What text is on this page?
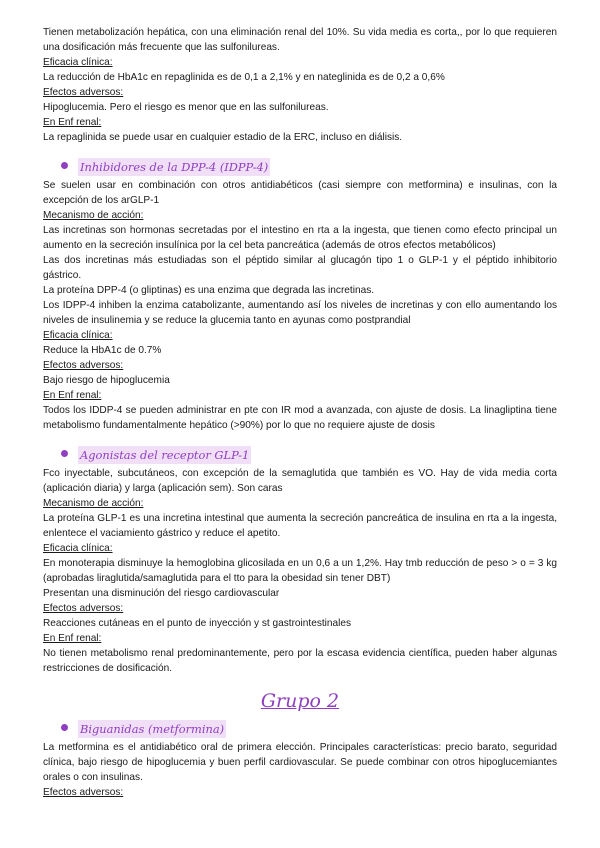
Tienen metabolización hepática, con una eliminación renal del 10%. Su vida media es corta,, por lo que requieren una dosificación más frecuente que las sulfonilureas.

Eficacia clínica:

La reducción de HbA1c en repaglinida es de 0,1 a 2,1% y en nateglinida es de 0,2 a 0,6%

Efectos adversos:

Hipoglucemia. Pero el riesgo es menor que en las sulfonilureas.

En Enf renal:

La repaglinida se puede usar en cualquier estadio de la ERC, incluso en diálisis.

Inhibidores de la DPP-4 (IDPP-4)

Se suelen usar en combinación con otros antidiabéticos (casi siempre con metformina) e insulinas, con la excepción de los arGLP-1

Mecanismo de acción:

Las incretinas son hormonas secretadas por el intestino en rta a la ingesta, que tienen como efecto principal un aumento en la secreción insulínica por la cel beta pancreática (además de otros efectos metabólicos)

Las dos incretinas más estudiadas son el péptido similar al glucagón tipo 1 o GLP-1 y el péptido inhibitorio gástrico.

La proteína DPP-4 (o gliptinas) es una enzima que degrada las incretinas.

Los IDPP-4 inhiben la enzima catabolizante, aumentando así los niveles de incretinas y con ello aumentando los niveles de insulinemia y se reduce la glucemia tanto en ayunas como postprandial

Eficacia clínica:

Reduce la HbA1c de 0.7%

Efectos adversos:

Bajo riesgo de hipoglucemia

En Enf renal:

Todos los IDDP-4 se pueden administrar en pte con IR mod a avanzada, con ajuste de dosis. La linagliptina tiene metabolismo fundamentalmente hepático (>90%) por lo que no requiere ajuste de dosis

Agonistas del receptor GLP-1

Fco inyectable, subcutáneos, con excepción de la semaglutida que también es VO. Hay de vida media corta (aplicación diaria) y larga (aplicación sem). Son caras

Mecanismo de acción:

La proteína GLP-1 es una incretina intestinal que aumenta la secreción pancreática de insulina en rta a la ingesta, enlentece el vaciamiento gástrico y reduce el apetito.

Eficacia clínica:

En monoterapia disminuye la hemoglobina glicosilada en un 0,6 a un 1,2%. Hay tmb reducción de peso > o = 3 kg (aprobadas liraglutida/samaglutida para el tto para la obesidad sin tener DBT)

Presentan una disminución del riesgo cardiovascular

Efectos adversos:

Reacciones cutáneas en el punto de inyección y st gastrointestinales

En Enf renal:

No tienen metabolismo renal predominantemente, pero por la escasa evidencia científica, pueden haber algunas restricciones de dosificación.

Grupo 2

Biguanidas (metformina)

La metformina es el antidiabético oral de primera elección. Principales características: precio barato, seguridad clínica, bajo riesgo de hipoglucemia y buen perfil cardiovascular. Se puede combinar con otros hipoglucemiantes orales o con insulinas.

Efectos adversos:
